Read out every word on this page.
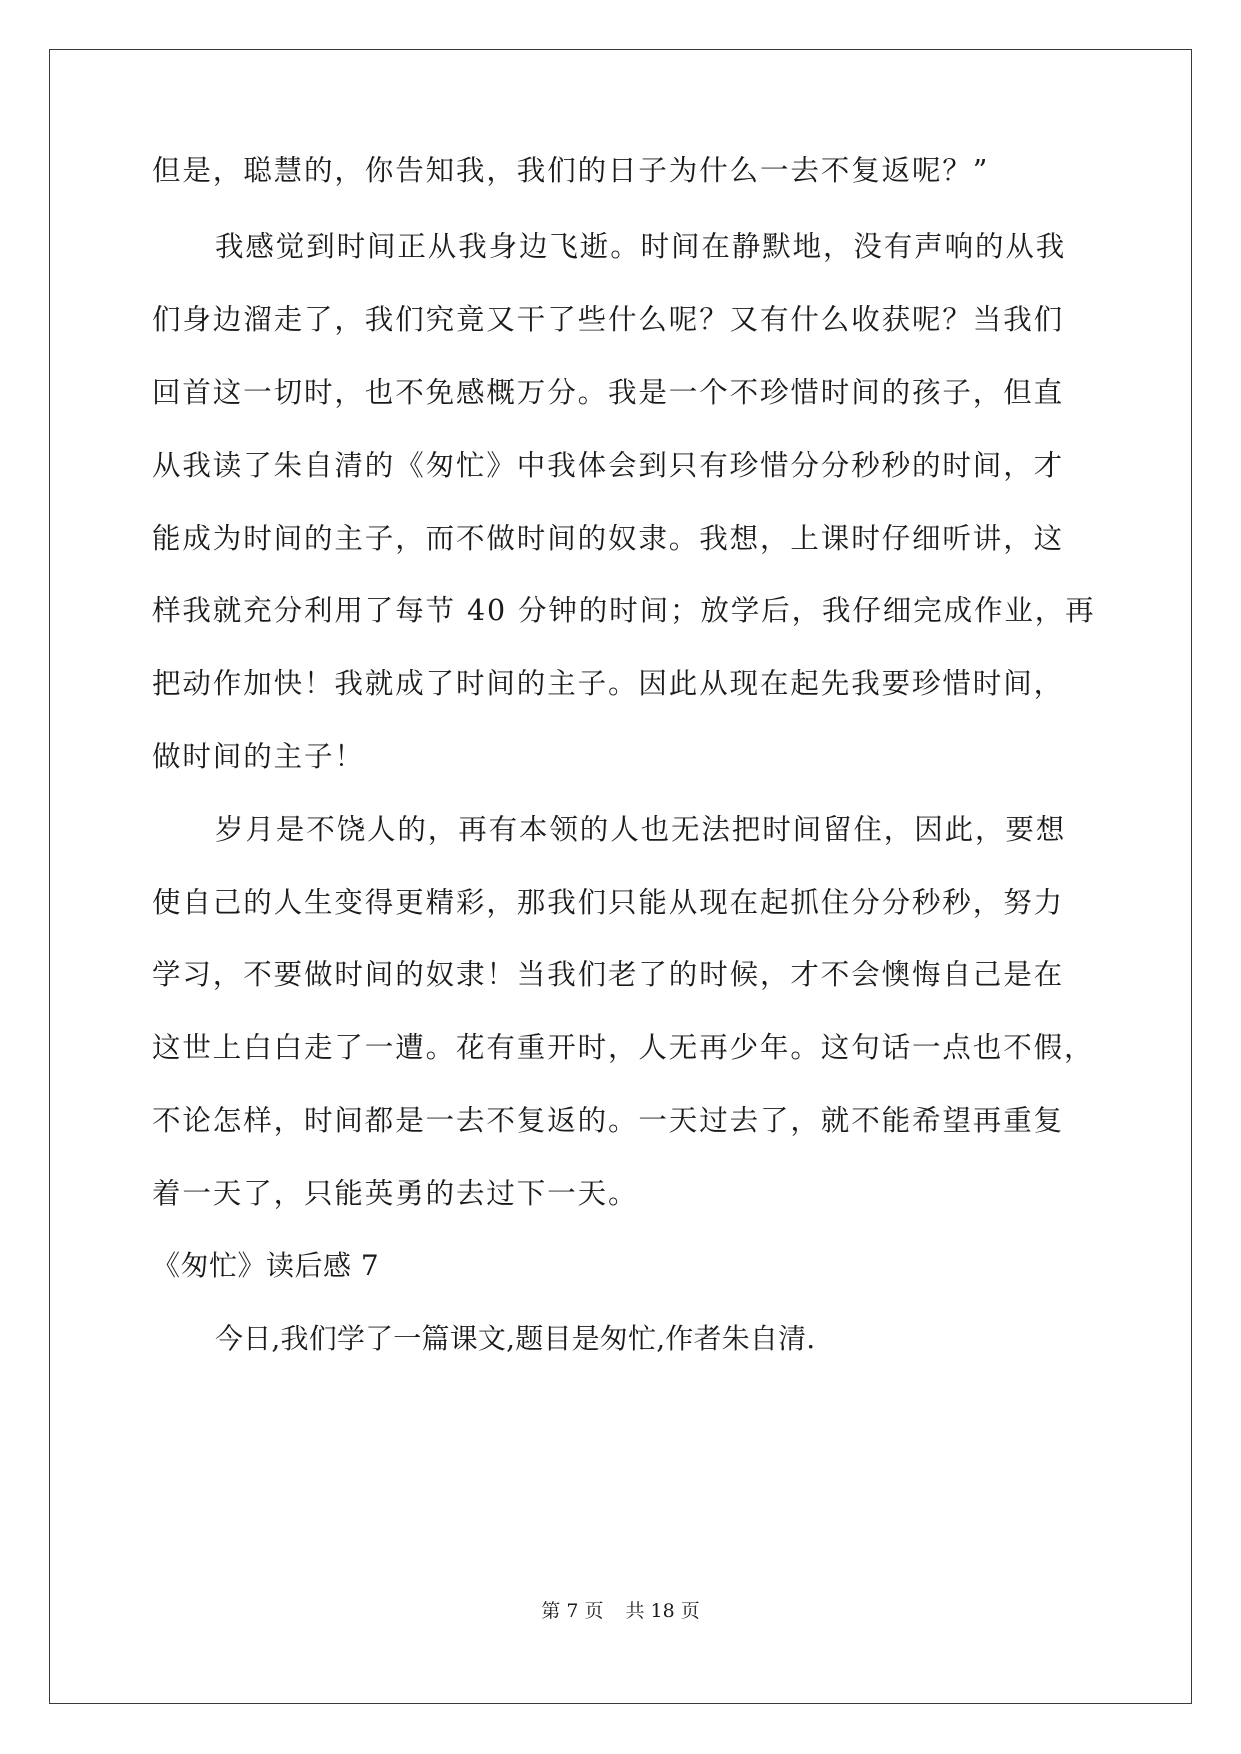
但是，聪慧的，你告知我，我们的日子为什么一去不复返呢？”
我感觉到时间正从我身边飞逝。时间在静默地，没有声响的从我
们身边溜走了，我们究竟又干了些什么呢？又有什么收获呢？当我们
回首这一切时，也不免感概万分。我是一个不珍惜时间的孩子，但直
从我读了朱自清的《匆忙》中我体会到只有珍惜分分秒秒的时间，才
能成为时间的主子，而不做时间的奴隶。我想，上课时仔细听讲，这
样我就充分利用了每节 40 分钟的时间；放学后，我仔细完成作业，再
把动作加快！我就成了时间的主子。因此从现在起先我要珍惜时间，
做时间的主子！
岁月是不饶人的，再有本领的人也无法把时间留住，因此，要想
使自己的人生变得更精彩，那我们只能从现在起抓住分分秒秒，努力
学习，不要做时间的奴隶！当我们老了的时候，才不会懊悔自己是在
这世上白白走了一遭。花有重开时，人无再少年。这句话一点也不假，
不论怎样，时间都是一去不复返的。一天过去了，就不能希望再重复
着一天了，只能英勇的去过下一天。
《匆忙》读后感 7
今日,我们学了一篇课文,题目是匆忙,作者朱自清.
第 7 页 共 18 页
